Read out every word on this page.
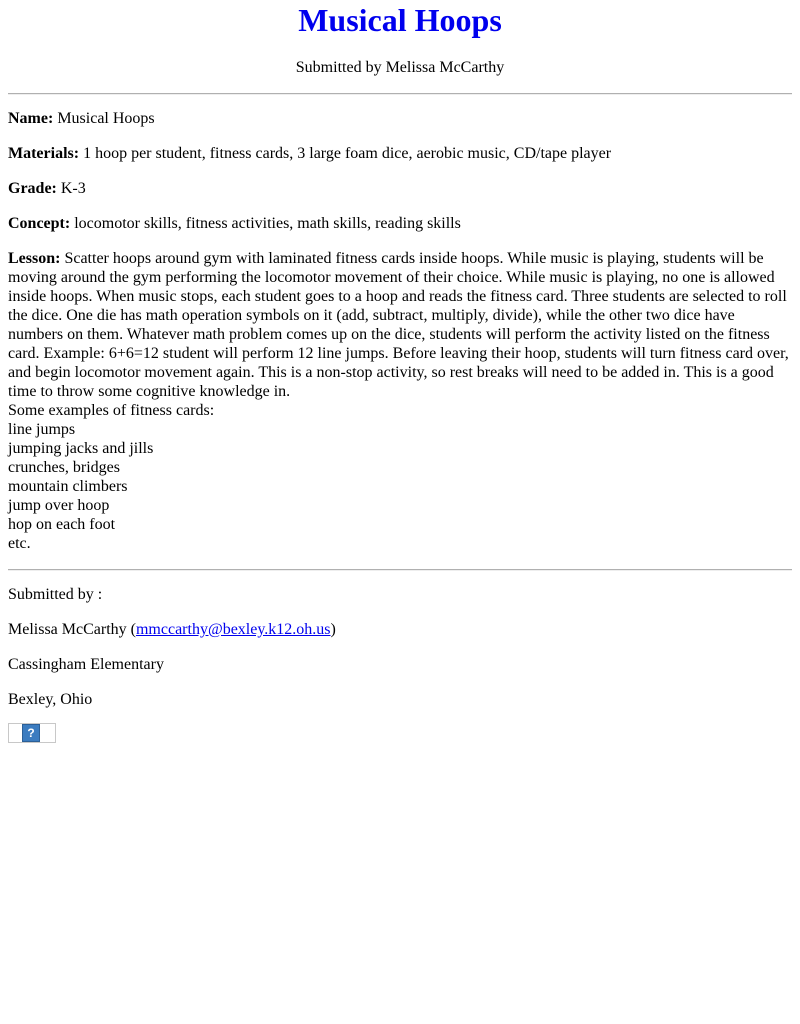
Musical Hoops
Submitted by Melissa McCarthy

Name: Musical Hoops

Materials: 1 hoop per student, fitness cards, 3 large foam dice, aerobic music, CD/tape player

Grade: K-3

Concept: locomotor skills, fitness activities, math skills, reading skills

Lesson: Scatter hoops around gym with laminated fitness cards inside hoops. While music is playing, students will be moving around the gym performing the locomotor movement of their choice. While music is playing, no one is allowed inside hoops. When music stops, each student goes to a hoop and reads the fitness card. Three students are selected to roll the dice. One die has math operation symbols on it (add, subtract, multiply, divide), while the other two dice have numbers on them. Whatever math problem comes up on the dice, students will perform the activity listed on the fitness card. Example: 6+6=12 student will perform 12 line jumps. Before leaving their hoop, students will turn fitness card over, and begin locomotor movement again. This is a non-stop activity, so rest breaks will need to be added in. This is a good time to throw some cognitive knowledge in.
Some examples of fitness cards:
line jumps
jumping jacks and jills
crunches, bridges
mountain climbers
jump over hoop
hop on each foot
etc.

Submitted by :

Melissa McCarthy (mmccarthy@bexley.k12.oh.us)

Cassingham Elementary

Bexley, Ohio

?
